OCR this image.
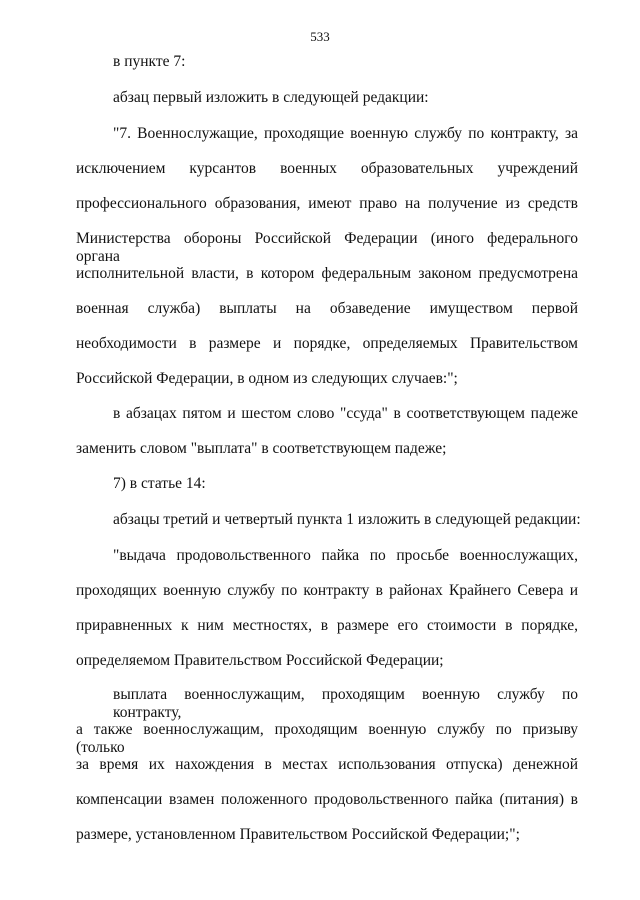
533
в пункте 7:
абзац первый изложить в следующей редакции:
"7. Военнослужащие, проходящие военную службу по контракту, за
исключением курсантов военных образовательных учреждений
профессионального образования, имеют право на получение из средств
Министерства обороны Российской Федерации (иного федерального органа
исполнительной власти, в котором федеральным законом предусмотрена
военная служба) выплаты на обзаведение имуществом первой
необходимости в размере и порядке, определяемых Правительством
Российской Федерации, в одном из следующих случаев:";
в абзацах пятом и шестом слово "ссуда" в соответствующем падеже
заменить словом "выплата" в соответствующем падеже;
7) в статье 14:
абзацы третий и четвертый пункта 1 изложить в следующей редакции:
"выдача продовольственного пайка по просьбе военнослужащих,
проходящих военную службу по контракту в районах Крайнего Севера и
приравненных к ним местностях, в размере его стоимости в порядке,
определяемом Правительством Российской Федерации;
выплата военнослужащим, проходящим военную службу по контракту,
а также военнослужащим, проходящим военную службу по призыву (только
за время их нахождения в местах использования отпуска) денежной
компенсации взамен положенного продовольственного пайка (питания) в
размере, установленном Правительством Российской Федерации;";
